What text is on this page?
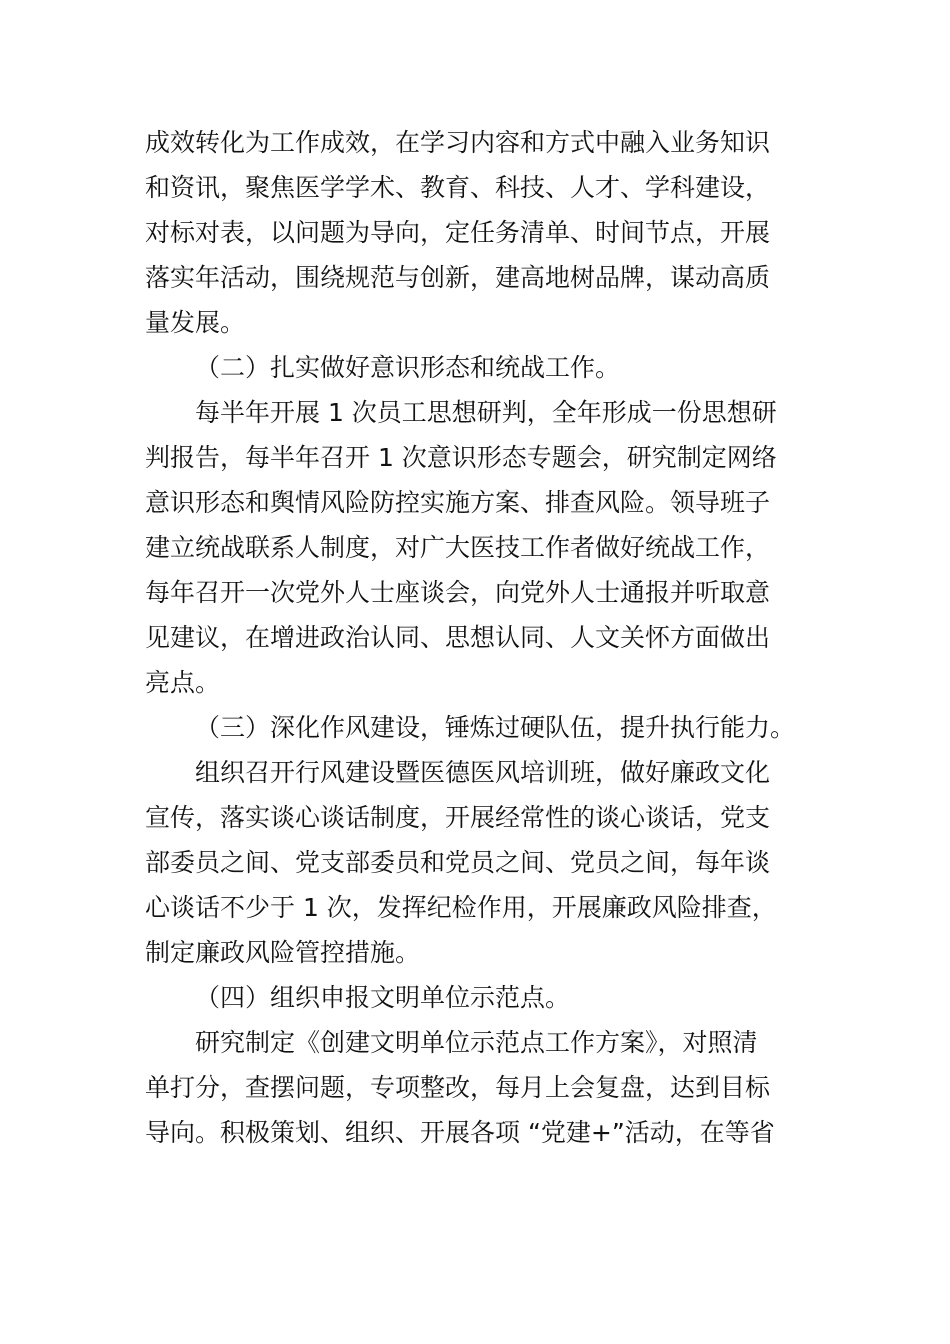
成效转化为工作成效，在学习内容和方式中融入业务知识
和资讯，聚焦医学学术、教育、科技、人才、学科建设，
对标对表，以问题为导向，定任务清单、时间节点，开展
落实年活动，围绕规范与创新，建高地树品牌，谋动高质
量发展。
（二）扎实做好意识形态和统战工作。
每半年开展 1 次员工思想研判，全年形成一份思想研
判报告，每半年召开 1 次意识形态专题会，研究制定网络
意识形态和舆情风险防控实施方案、排查风险。领导班子
建立统战联系人制度，对广大医技工作者做好统战工作，
每年召开一次党外人士座谈会，向党外人士通报并听取意
见建议，在增进政治认同、思想认同、人文关怀方面做出
亮点。
（三）深化作风建设，锤炼过硬队伍，提升执行能力。
组织召开行风建设暨医德医风培训班，做好廉政文化
宣传，落实谈心谈话制度，开展经常性的谈心谈话，党支
部委员之间、党支部委员和党员之间、党员之间，每年谈
心谈话不少于 1 次，发挥纪检作用，开展廉政风险排查，
制定廉政风险管控措施。
（四）组织申报文明单位示范点。
研究制定《创建文明单位示范点工作方案》，对照清
单打分，查摆问题，专项整改，每月上会复盘，达到目标
导向。积极策划、组织、开展各项 “党建+”活动，在等省
